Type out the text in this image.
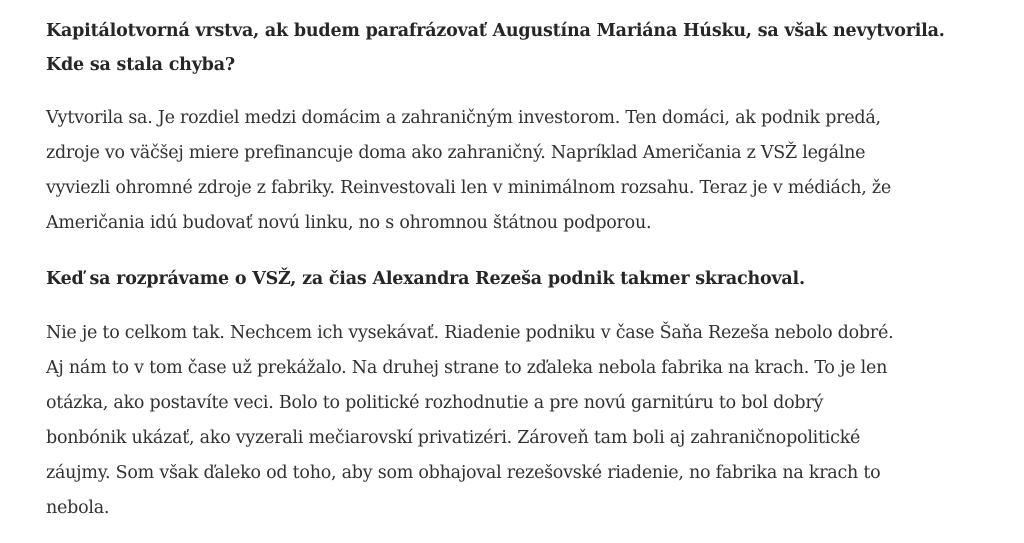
Kapitálotvorná vrstva, ak budem parafrázovať Augustína Mariána Húsku, sa však nevytvorila.
Kde sa stala chyba?

Vytvorila sa. Je rozdiel medzi domácim a zahraničným investorom. Ten domáci, ak podnik predá,
zdroje vo väčšej miere prefinancuje doma ako zahraničný. Napríklad Američania z VSŽ legálne
vyviezli ohromné zdroje z fabriky. Reinvestovali len v minimálnom rozsahu. Teraz je v médiách, že
Američania idú budovať novú linku, no s ohromnou štátnou podporou.

Keď sa rozprávame o VSŽ, za čias Alexandra Rezeša podnik takmer skrachoval.

Nie je to celkom tak. Nechcem ich vysekávať. Riadenie podniku v čase Šaňa Rezeša nebolo dobré.
Aj nám to v tom čase už prekážalo. Na druhej strane to zďaleka nebola fabrika na krach. To je len
otázka, ako postavíte veci. Bolo to politické rozhodnutie a pre novú garnitúru to bol dobrý
bonbónik ukázať, ako vyzerali mečiarovskí privatizéri. Zároveň tam boli aj zahraničnopolitické
záujmy. Som však ďaleko od toho, aby som obhajoval rezešovské riadenie, no fabrika na krach to
nebola.
